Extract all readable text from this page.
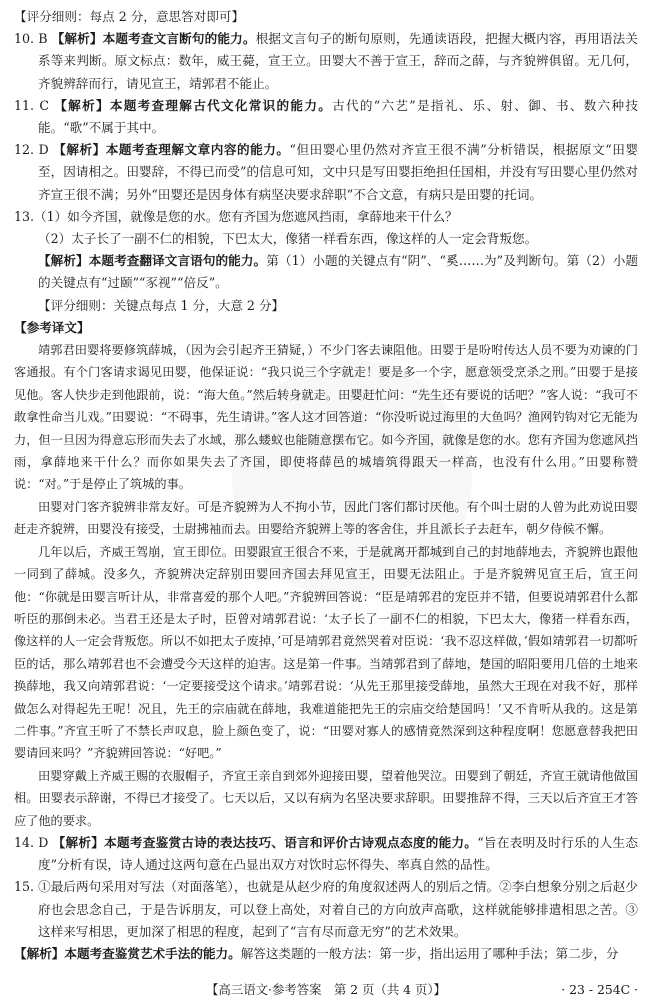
【评分细则：每点 2 分，意思答对即可】

10. B 【解析】本题考查文言断句的能力。根据文言句子的断句原则，先通读语段，把握大概内容，再用语法关系等来判断。原文标点：数年，威王薨，宣王立。田婴大不善于宣王，辞而之薛，与齐貌辨俱留。无几何，齐貌辨辞而行，请见宣王，靖郭君不能止。

11. C 【解析】本题考查理解古代文化常识的能力。古代的“六艺”是指礼、乐、射、御、书、数六种技能。“歌”不属于其中。

12. D 【解析】本题考查理解文章内容的能力。“但田婴心里仍然对齐宣王很不满”分析错误，根据原文“田婴至，因请相之。田婴辞，不得已而受”的信息可知，文中只是写田婴拒绝担任国相，并没有写田婴心里仍然对齐宣王很不满；另外“田婴还是因身体有病坚决要求辞职”不合文意，有病只是田婴的托词。

13.（1）如今齐国，就像是您的水。您有齐国为您遮风挡雨，拿薛地来干什么？

（2）太子长了一副不仁的相貌，下巴太大，像猪一样看东西，像这样的人一定会背叛您。

【解析】本题考查翻译文言语句的能力。第（1）小题的关键点有“阴”、“奚……为”及判断句。第（2）小题的关键点有“过颐”“豕视”“倍反”。

【评分细则：关键点每点 1 分，大意 2 分】

【参考译文】

靖郭君田婴将要修筑薛城，（因为会引起齐王猜疑，）不少门客去谏阻他。田婴于是吩咐传达人员不要为劝谏的门客通报。有个门客请求谒见田婴，他保证说：“我只说三个字就走！要是多一个字，愿意领受烹杀之刑。”田婴于是接见他。客人快步走到他跟前，说：“海大鱼。”然后转身就走。田婴赶忙问：“先生还有要说的话吧？”客人说：“我可不敢拿性命当儿戏。”田婴说：“不碍事，先生请讲。”客人这才回答道：“你没听说过海里的大鱼吗？渔网钓钩对它无能为力，但一旦因为得意忘形而失去了水域，那么蝼蚁也能随意摆布它。如今齐国，就像是您的水。您有齐国为您遮风挡雨，拿薛地来干什么？而你如果失去了齐国，即使将薛邑的城墙筑得跟天一样高，也没有什么用。”田婴称赞说：“对。”于是停止了筑城的事。
田婴对门客齐貌辨非常友好。可是齐貌辨为人不拘小节，因此门客们都讨厌他。有个叫士尉的人曾为此劝说田婴赶走齐貌辨，田婴没有接受，士尉拂袖而去。田婴给齐貌辨上等的客舍住，并且派长子去赶车，朝夕侍候不懈。
几年以后，齐威王驾崩，宣王即位。田婴跟宣王很合不来，于是就离开都城到自己的封地薛地去，齐貌辨也跟他一同到了薛城。没多久，齐貌辨决定辞别田婴回齐国去拜见宣王，田婴无法阻止。于是齐貌辨见宣王后，宣王问他：“你就是田婴言听计从，非常喜爱的那个人吧。”齐貌辨回答说：“臣是靖郭君的宠臣并不错，但要说靖郭君什么都听臣的那倒未必。当君王还是太子时，臣曾对靖郭君说：‘太子长了一副不仁的相貌，下巴太大，像猪一样看东西，像这样的人一定会背叛您。所以不如把太子废掉，’可是靖郭君竟然哭着对臣说：‘我不忍这样做，’假如靖郭君一切都听臣的话，那么靖郭君也不会遭受今天这样的迫害。这是第一件事。当靖郭君到了薛地，楚国的昭阳要用几倍的土地来换薛地，我又向靖郭君说：‘一定要接受这个请求。’靖郭君说：‘从先王那里接受薛地，虽然大王现在对我不好，那样做怎么对得起先王呢！况且，先王的宗庙就在薛地，我难道能把先王的宗庙交给楚国吗！’又不肯听从我的。这是第二件事。”齐宣王听了不禁长声叹息，脸上颜色变了，说：“田婴对寡人的感情竟然深到这种程度啊！您愿意替我把田婴请回来吗？”齐貌辨回答说：“好吧。”
田婴穿戴上齐威王赐的衣服帽子，齐宣王亲自到郊外迎接田婴，望着他哭泣。田婴到了朝廷，齐宣王就请他做国相。田婴表示辞谢，不得已才接受了。七天以后，又以有病为名坚决要求辞职。田婴推辞不得，三天以后齐宣王才答应了他的要求。

14. D 【解析】本题考查鉴赏古诗的表达技巧、语言和评价古诗观点态度的能力。“旨在表明及时行乐的人生态度”分析有误，诗人通过这两句意在凸显出双方对饮时忘怀得失、率真自然的品性。

15. ①最后两句采用对写法（对面落笔），也就是从赵少府的角度叙述两人的别后之情。②李白想象分别之后赵少府也会思念自己，于是告诉朋友，可以登上高处，对着自己的方向放声高歌，这样就能够排遣相思之苦。③这样来写相思，更加深了相思的程度，起到了“言有尽而意无穷”的艺术效果。

【解析】本题考查鉴赏艺术手法的能力。解答这类题的一般方法：第一步，指出运用了哪种手法；第二步，分

【高三语文·参考答案　第 2 页（共 4 页）】	· 23 - 254C ·
